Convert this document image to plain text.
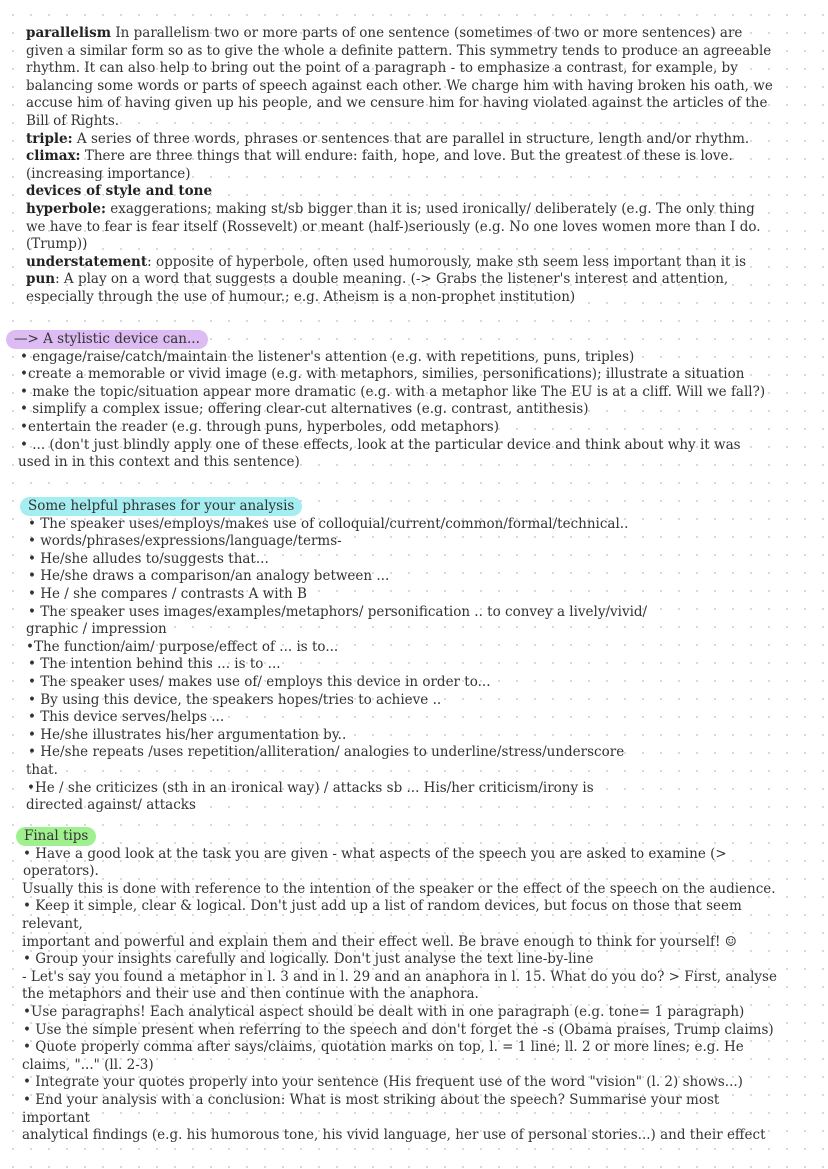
parallelism In parallelism two or more parts of one sentence (sometimes of two or more sentences) are
given a similar form so as to give the whole a definite pattern. This symmetry tends to produce an agreeable
rhythm. It can also help to bring out the point of a paragraph - to emphasize a contrast, for example, by
balancing some words or parts of speech against each other. We charge him with having broken his oath, we
accuse him of having given up his people, and we censure him for having violated against the articles of the
Bill of Rights.
triple: A series of three words, phrases or sentences that are parallel in structure, length and/or rhythm.
climax: There are three things that will endure: faith, hope, and love. But the greatest of these is love.
(increasing importance)
devices of style and tone
hyperbole: exaggerations; making st/sb bigger than it is; used ironically/ deliberately (e.g. The only thing
we have to fear is fear itself (Rossevelt) or meant (half-)seriously (e.g. No one loves women more than I do.
(Trump))
understatement: opposite of hyperbole, often used humorously, make sth seem less important than it is
pun: A play on a word that suggests a double meaning. (-> Grabs the listener's interest and attention,
especially through the use of humour.; e.g. Atheism is a non-prophet institution)
—> A stylistic device can...
• engage/raise/catch/maintain the listener's attention (e.g. with repetitions, puns, triples)
•create a memorable or vivid image (e.g. with metaphors, similies, personifications); illustrate a situation
• make the topic/situation appear more dramatic (e.g. with a metaphor like The EU is at a cliff. Will we fall?)
• simplify a complex issue; offering clear-cut alternatives (e.g. contrast, antithesis)
•entertain the reader (e.g. through puns, hyperboles, odd metaphors)
• ... (don't just blindly apply one of these effects, look at the particular device and think about why it was
used in in this context and this sentence)
Some helpful phrases for your analysis
• The speaker uses/employs/makes use of colloquial/current/common/formal/technical..
• words/phrases/expressions/language/terms-
• He/she alludes to/suggests that...
• He/she draws a comparison/an analogy between ...
• He / she compares / contrasts A with B
• The speaker uses images/examples/metaphors/ personification .. to convey a lively/vivid/
graphic / impression
•The function/aim/ purpose/effect of ... is to...
• The intention behind this ... is to ...
• The speaker uses/ makes use of/ employs this device in order to...
• By using this device, the speakers hopes/tries to achieve ..
• This device serves/helps ...
• He/she illustrates his/her argumentation by..
• He/she repeats /uses repetition/alliteration/ analogies to underline/stress/underscore
that.
•He / she criticizes (sth in an ironical way) / attacks sb ... His/her criticism/irony is
directed against/ attacks
Final tips
• Have a good look at the task you are given - what aspects of the speech you are asked to examine (>
operators).
Usually this is done with reference to the intention of the speaker or the effect of the speech on the audience.
• Keep it simple, clear & logical. Don't just add up a list of random devices, but focus on those that seem
relevant,
important and powerful and explain them and their effect well. Be brave enough to think for yourself! ☺
• Group your insights carefully and logically. Don't just analyse the text line-by-line
- Let's say you found a metaphor in l. 3 and in l. 29 and an anaphora in l. 15. What do you do? > First, analyse
the metaphors and their use and then continue with the anaphora.
•Use paragraphs! Each analytical aspect should be dealt with in one paragraph (e.g. tone= 1 paragraph)
• Use the simple present when referring to the speech and don't forget the -s (Obama praises, Trump claims)
• Quote properly comma after says/claims, quotation marks on top, l. = 1 line; ll. 2 or more lines; e.g. He
claims, "..." (ll. 2-3)
• Integrate your quotes properly into your sentence (His frequent use of the word "vision" (l. 2) shows...)
• End your analysis with a conclusion: What is most striking about the speech? Summarise your most
important
analytical findings (e.g. his humorous tone, his vivid language, her use of personal stories...) and their effect
